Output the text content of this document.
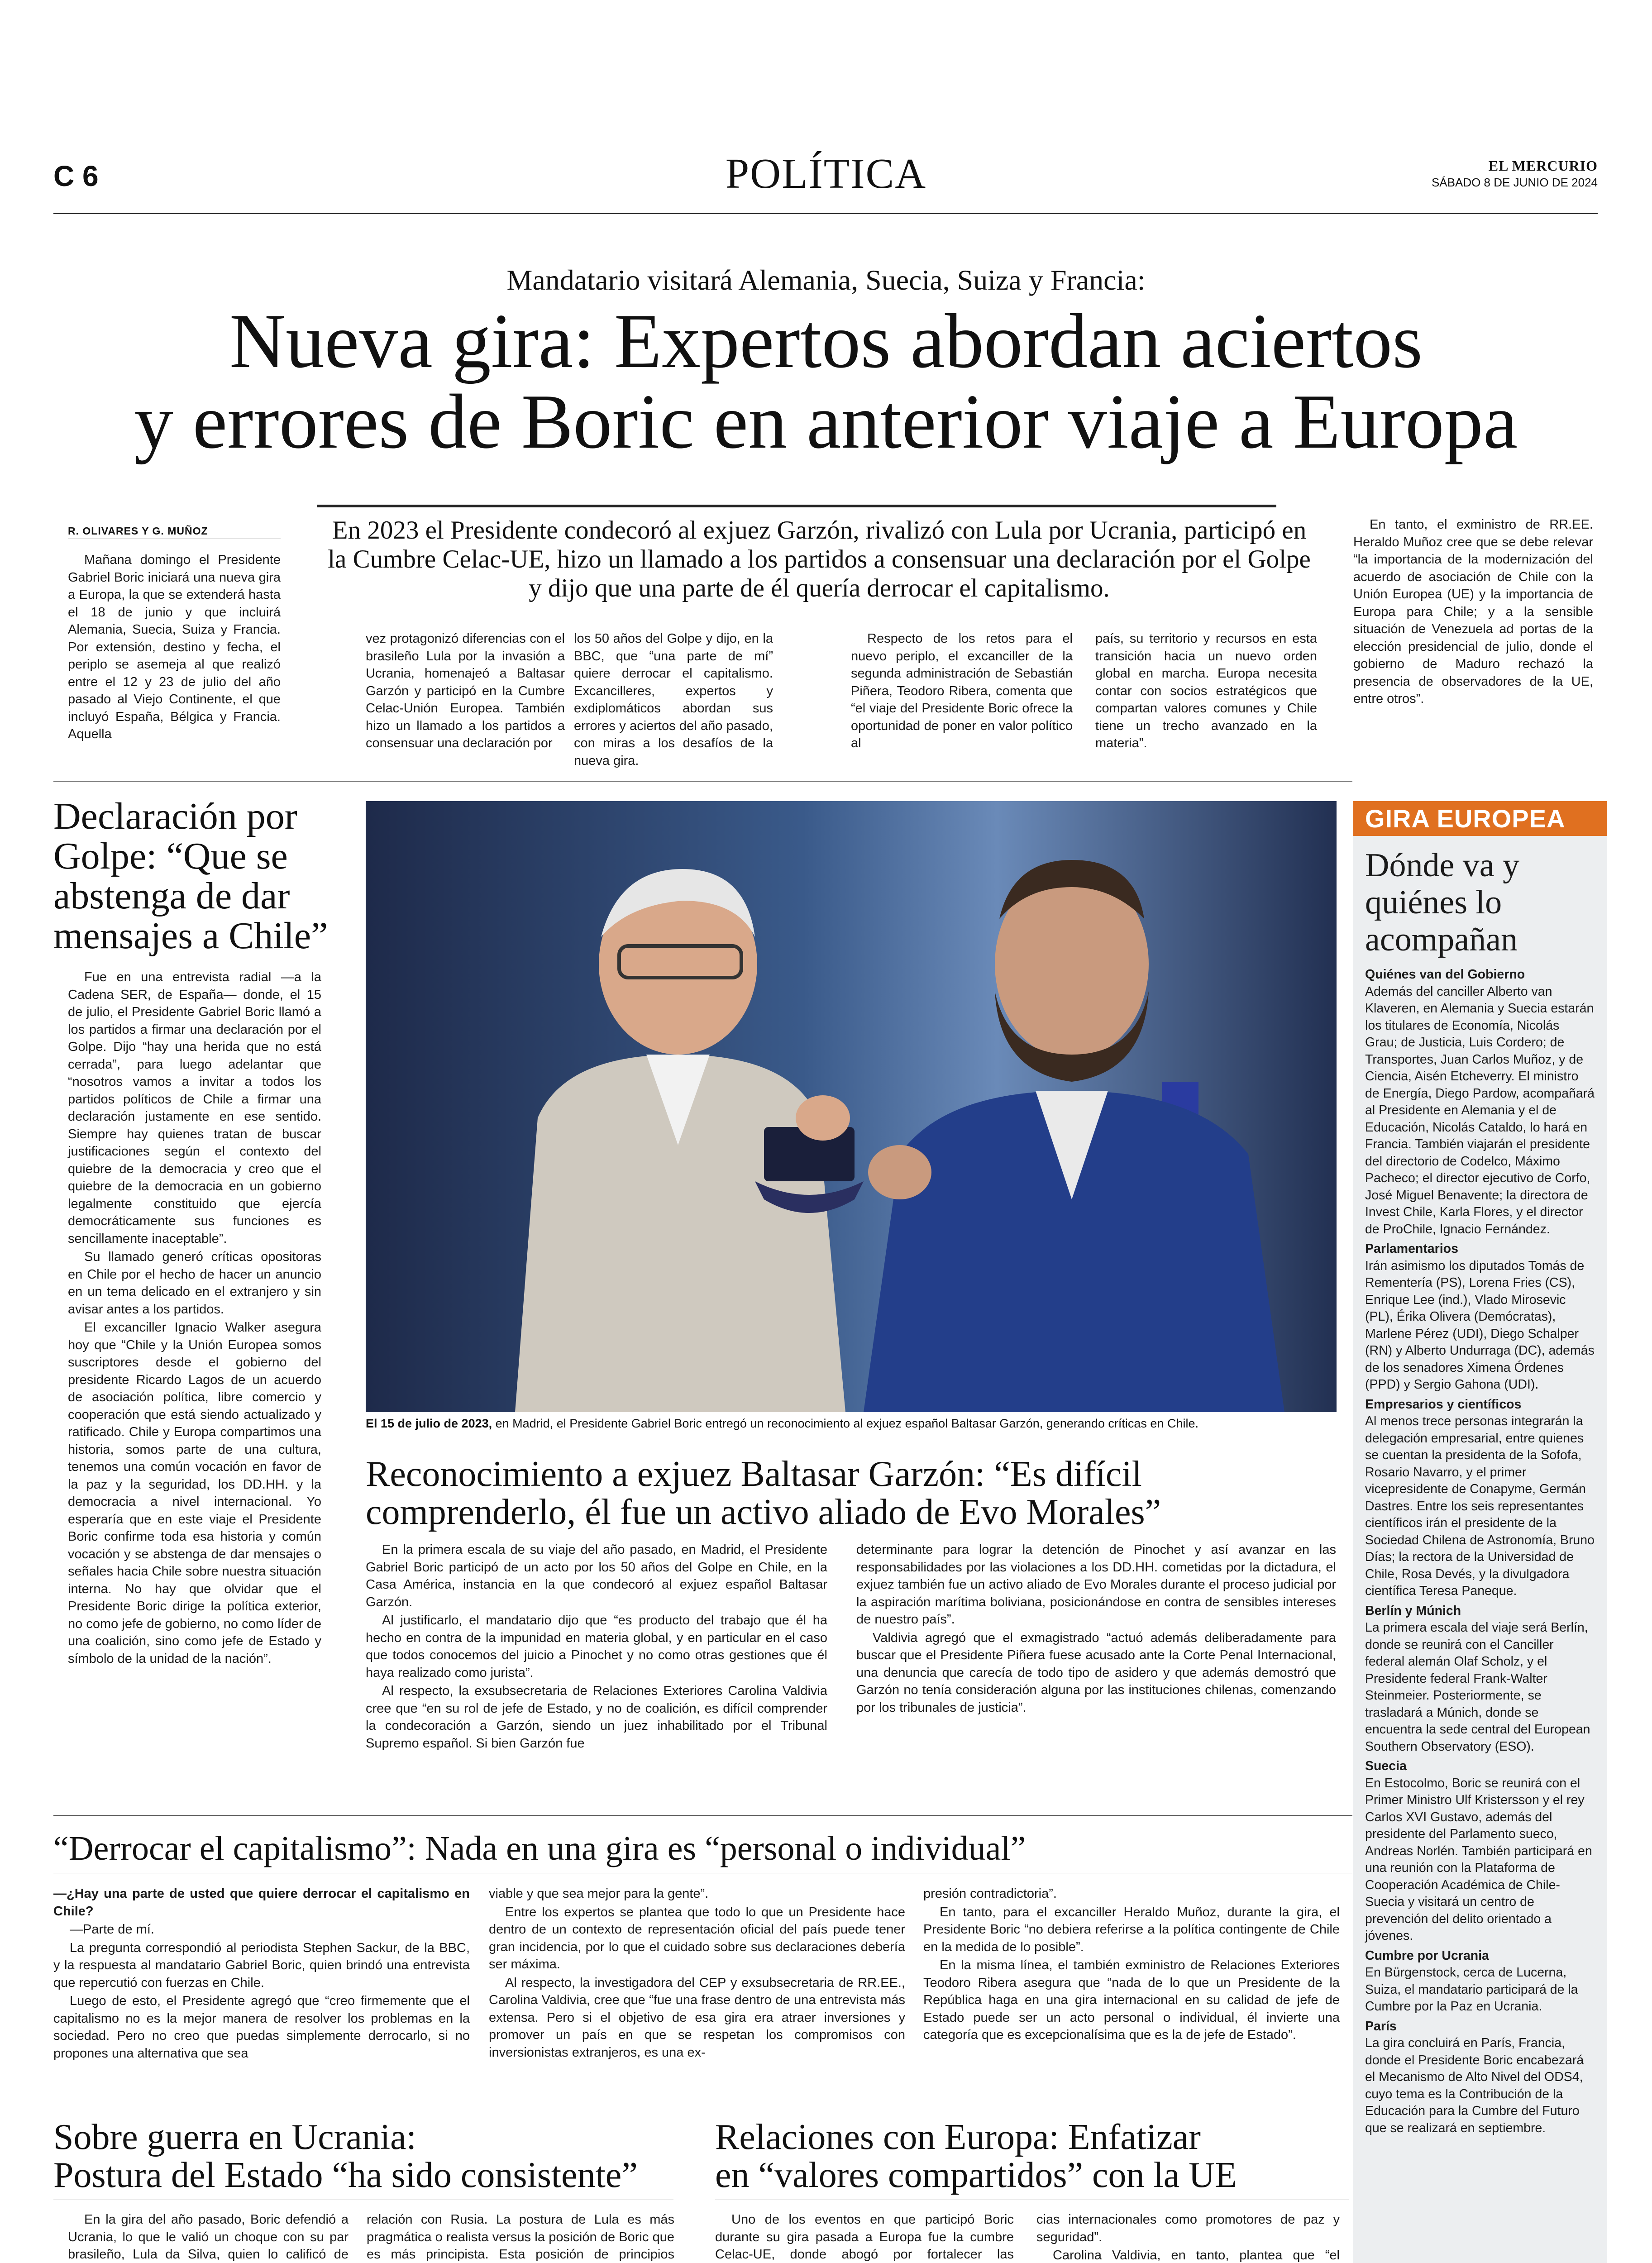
C 6	POLÍTICA	EL MERCURIO
SÁBADO 8 DE JUNIO DE 2024
Mandatario visitará Alemania, Suecia, Suiza y Francia:
Nueva gira: Expertos abordan aciertos
y errores de Boric en anterior viaje a Europa
R. OLIVARES Y G. MUÑOZ	En 2023 el Presidente condecoró al exjuez Garzón, rivalizó con Lula por Ucrania, participó en la Cumbre Celac-UE, hizo un llamado a los partidos a consensuar una declaración por el Golpe y dijo que una parte de él quería derrocar el capitalismo.

Mañana domingo el Presidente Gabriel Boric iniciará una nueva gira a Europa, la que se extenderá hasta el 18 de junio y que incluirá Alemania, Suecia, Suiza y Francia. Por extensión, destino y fecha, el periplo se asemeja al que realizó entre el 12 y 23 de julio del año pasado al Viejo Continente, el que incluyó España, Bélgica y Francia. Aquella

vez protagonizó diferencias con el brasileño Lula por la invasión a Ucrania, homenajeó a Baltasar Garzón y participó en la Cumbre Celac-Unión Europea. También hizo un llamado a los partidos a consensuar una declaración por

los 50 años del Golpe y dijo, en la BBC, que “una parte de mí” quiere derrocar el capitalismo. Excancilleres, expertos y exdiplomáticos abordan sus errores y aciertos del año pasado, con miras a los desafíos de la nueva gira.

Respecto de los retos para el nuevo periplo, el excanciller de la segunda administración de Sebastián Piñera, Teodoro Ribera, comenta que “el viaje del Presidente Boric ofrece la oportunidad de poner en valor político al

país, su territorio y recursos en esta transición hacia un nuevo orden global en marcha. Europa necesita contar con socios estratégicos que compartan valores comunes y Chile tiene un trecho avanzado en la materia”.

En tanto, el exministro de RR.EE. Heraldo Muñoz cree que se debe relevar “la importancia de la modernización del acuerdo de asociación de Chile con la Unión Europea (UE) y la importancia de Europa para Chile; y a la sensible situación de Venezuela ad portas de la elección presidencial de julio, donde el gobierno de Maduro rechazó la presencia de observadores de la UE, entre otros”.

Declaración por Golpe: “Que se abstenga de dar mensajes a Chile”

Fue en una entrevista radial —a la Cadena SER, de España— donde, el 15 de julio, el Presidente Gabriel Boric llamó a los partidos a firmar una declaración por el Golpe. Dijo “hay una herida que no está cerrada”, para luego adelantar que “nosotros vamos a invitar a todos los partidos políticos de Chile a firmar una declaración justamente en ese sentido. Siempre hay quienes tratan de buscar justificaciones según el contexto del quiebre de la democracia y creo que el quiebre de la democracia en un gobierno legalmente constituido que ejercía democráticamente sus funciones es sencillamente inaceptable”.

Su llamado generó críticas opositoras en Chile por el hecho de hacer un anuncio en un tema delicado en el extranjero y sin avisar antes a los partidos.

El excanciller Ignacio Walker asegura hoy que “Chile y la Unión Europea somos suscriptores desde el gobierno del presidente Ricardo Lagos de un acuerdo de asociación política, libre comercio y cooperación que está siendo actualizado y ratificado. Chile y Europa compartimos una historia, somos parte de una cultura, tenemos una común vocación en favor de la paz y la seguridad, los DD.HH. y la democracia a nivel internacional. Yo esperaría que en este viaje el Presidente Boric confirme toda esa historia y común vocación y se abstenga de dar mensajes o señales hacia Chile sobre nuestra situación interna. No hay que olvidar que el Presidente Boric dirige la política exterior, no como jefe de gobierno, no como líder de una coalición, sino como jefe de Estado y símbolo de la unidad de la nación”.

El 15 de julio de 2023, en Madrid, el Presidente Gabriel Boric entregó un reconocimiento al exjuez español Baltasar Garzón, generando críticas en Chile.
Reconocimiento a exjuez Baltasar Garzón: “Es difícil
comprenderlo, él fue un activo aliado de Evo Morales”

En la primera escala de su viaje del año pasado, en Madrid, el Presidente Gabriel Boric participó de un acto por los 50 años del Golpe en Chile, en la Casa América, instancia en la que condecoró al exjuez español Baltasar Garzón.

Al justificarlo, el mandatario dijo que “es producto del trabajo que él ha hecho en contra de la impunidad en materia global, y en particular en el caso que todos conocemos del juicio a Pinochet y no como otras gestiones que él haya realizado como jurista”.

Al respecto, la exsubsecretaria de Relaciones Exteriores Carolina Valdivia cree que “en su rol de jefe de Estado, y no de coalición, es difícil comprender la condecoración a Garzón, siendo un juez inhabilitado por el Tribunal Supremo español. Si bien Garzón fue

determinante para lograr la detención de Pinochet y así avanzar en las responsabilidades por las violaciones a los DD.HH. cometidas por la dictadura, el exjuez también fue un activo aliado de Evo Morales durante el proceso judicial por la aspiración marítima boliviana, posicionándose en contra de sensibles intereses de nuestro país”.

Valdivia agregó que el exmagistrado “actuó además deliberadamente para buscar que el Presidente Piñera fuese acusado ante la Corte Penal Internacional, una denuncia que carecía de todo tipo de asidero y que además demostró que Garzón no tenía consideración alguna por las instituciones chilenas, comenzando por los tribunales de justicia”.

“Derrocar el capitalismo”: Nada en una gira es “personal o individual”

—¿Hay una parte de usted que quiere derrocar el capitalismo en Chile?

—Parte de mí.

La pregunta correspondió al periodista Stephen Sackur, de la BBC, y la respuesta al mandatario Gabriel Boric, quien brindó una entrevista que repercutió con fuerzas en Chile.

Luego de esto, el Presidente agregó que “creo firmemente que el capitalismo no es la mejor manera de resolver los problemas en la sociedad. Pero no creo que puedas simplemente derrocarlo, si no propones una alternativa que sea

viable y que sea mejor para la gente”.

Entre los expertos se plantea que todo lo que un Presidente hace dentro de un contexto de representación oficial del país puede tener gran incidencia, por lo que el cuidado sobre sus declaraciones debería ser máxima.

Al respecto, la investigadora del CEP y exsubsecretaria de RR.EE., Carolina Valdivia, cree que “fue una frase dentro de una entrevista más extensa. Pero si el objetivo de esa gira era atraer inversiones y promover un país en que se respetan los compromisos con inversionistas extranjeros, es una ex-

presión contradictoria”.

En tanto, para el excanciller Heraldo Muñoz, durante la gira, el Presidente Boric “no debiera referirse a la política contingente de Chile en la medida de lo posible”.

En la misma línea, el también exministro de Relaciones Exteriores Teodoro Ribera asegura que “nada de lo que un Presidente de la República haga en una gira internacional en su calidad de jefe de Estado puede ser un acto personal o individual, él invierte una categoría que es excepcionalísima que es la de jefe de Estado”.

Sobre guerra en Ucrania:
Postura del Estado “ha sido consistente”

En la gira del año pasado, Boric defendió a Ucrania, lo que le valió un choque con su par brasileño, Lula da Silva, quien lo calificó de

relación con Rusia. La postura de Lula es más pragmática o realista versus la posición de Boric que es más principista. Esta posición de principios

Relaciones con Europa: Enfatizar
en “valores compartidos” con la UE

Uno de los eventos en que participó Boric durante su gira pasada a Europa fue la cumbre Celac-UE, donde abogó por fortalecer las

cias internacionales como promotores de paz y seguridad”.

Carolina Valdivia, en tanto, plantea que “el

GIRA EUROPEA
Dónde va y quiénes lo acompañan
Quiénes van del Gobierno
Además del canciller Alberto van Klaveren, en Alemania y Suecia estarán los titulares de Economía, Nicolás Grau; de Justicia, Luis Cordero; de Transportes, Juan Carlos Muñoz, y de Ciencia, Aisén Etcheverry. El ministro de Energía, Diego Pardow, acompañará al Presidente en Alemania y el de Educación, Nicolás Cataldo, lo hará en Francia. También viajarán el presidente del directorio de Codelco, Máximo Pacheco; el director ejecutivo de Corfo, José Miguel Benavente; la directora de Invest Chile, Karla Flores, y el director de ProChile, Ignacio Fernández.
Parlamentarios
Irán asimismo los diputados Tomás de Rementería (PS), Lorena Fries (CS), Enrique Lee (ind.), Vlado Mirosevic (PL), Érika Olivera (Demócratas), Marlene Pérez (UDI), Diego Schalper (RN) y Alberto Undurraga (DC), además de los senadores Ximena Órdenes (PPD) y Sergio Gahona (UDI).
Empresarios y científicos
Al menos trece personas integrarán la delegación empresarial, entre quienes se cuentan la presidenta de la Sofofa, Rosario Navarro, y el primer vicepresidente de Conapyme, Germán Dastres. Entre los seis representantes científicos irán el presidente de la Sociedad Chilena de Astronomía, Bruno Días; la rectora de la Universidad de Chile, Rosa Devés, y la divulgadora científica Teresa Paneque.
Berlín y Múnich
La primera escala del viaje será Berlín, donde se reunirá con el Canciller federal alemán Olaf Scholz, y el Presidente federal Frank-Walter Steinmeier. Posteriormente, se trasladará a Múnich, donde se encuentra la sede central del European Southern Observatory (ESO).
Suecia
En Estocolmo, Boric se reunirá con el Primer Ministro Ulf Kristersson y el rey Carlos XVI Gustavo, además del presidente del Parlamento sueco, Andreas Norlén. También participará en una reunión con la Plataforma de Cooperación Académica de Chile-Suecia y visitará un centro de prevención del delito orientado a jóvenes.
Cumbre por Ucrania
En Bürgenstock, cerca de Lucerna, Suiza, el mandatario participará de la Cumbre por la Paz en Ucrania.
París
La gira concluirá en París, Francia, donde el Presidente Boric encabezará el Mecanismo de Alto Nivel del ODS4, cuyo tema es la Contribución de la Educación para la Cumbre del Futuro que se realizará en septiembre.
